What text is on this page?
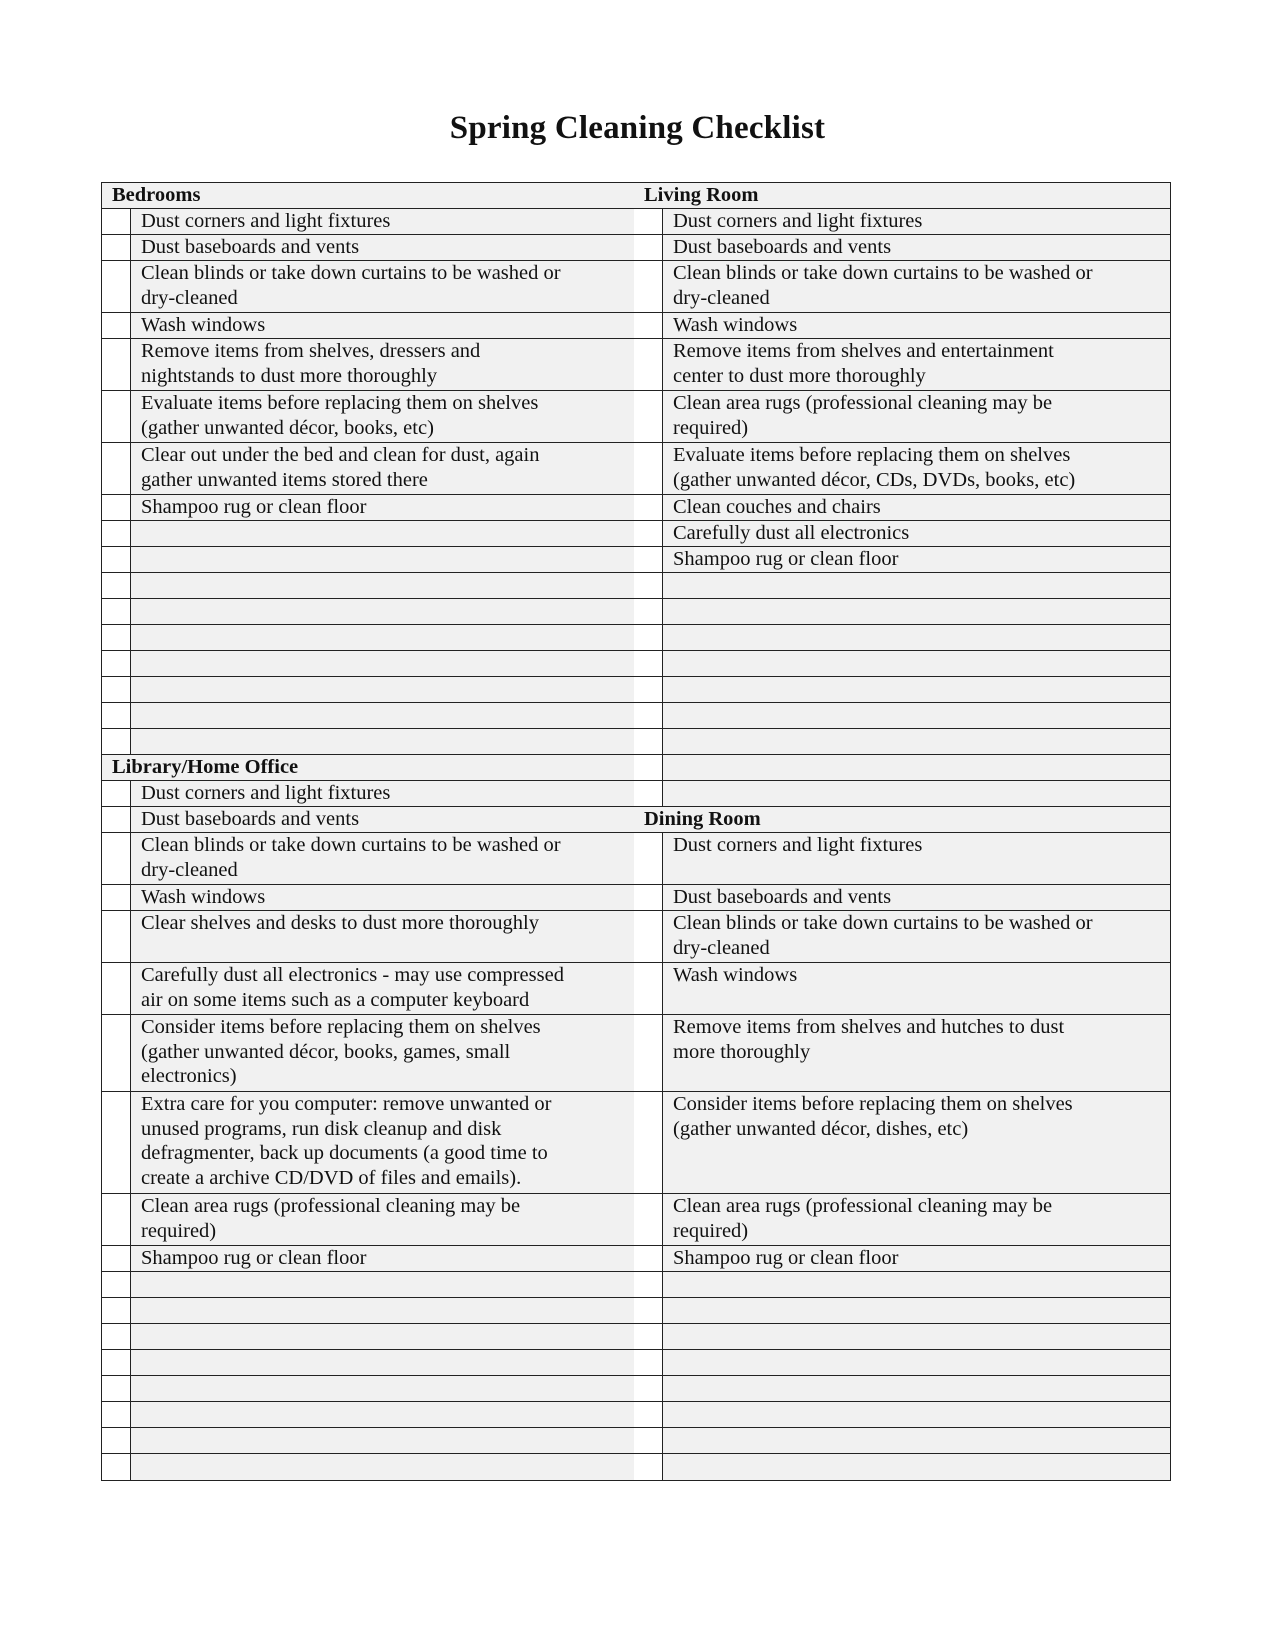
Spring Cleaning Checklist
Bedrooms
Dust corners and light fixtures
Dust baseboards and vents
Clean blinds or take down curtains to be washed or
dry-cleaned
Wash windows
Remove items from shelves, dressers and
nightstands to dust more thoroughly
Evaluate items before replacing them on shelves
(gather unwanted décor, books, etc)
Clear out under the bed and clean for dust, again
gather unwanted items stored there
Shampoo rug or clean floor
Library/Home Office
Dust corners and light fixtures
Dust baseboards and vents
Clean blinds or take down curtains to be washed or
dry-cleaned
Wash windows
Clear shelves and desks to dust more thoroughly
Carefully dust all electronics - may use compressed
air on some items such as a computer keyboard
Consider items before replacing them on shelves
(gather unwanted décor, books, games, small
electronics)
Extra care for you computer: remove unwanted or
unused programs, run disk cleanup and disk
defragmenter, back up documents (a good time to
create a archive CD/DVD of files and emails).
Clean area rugs (professional cleaning may be
required)
Shampoo rug or clean floor
Living Room
Dust corners and light fixtures
Dust baseboards and vents
Clean blinds or take down curtains to be washed or
dry-cleaned
Wash windows
Remove items from shelves and entertainment
center to dust more thoroughly
Clean area rugs (professional cleaning may be
required)
Evaluate items before replacing them on shelves
(gather unwanted décor, CDs, DVDs, books, etc)
Clean couches and chairs
Carefully dust all electronics
Shampoo rug or clean floor
Dining Room
Dust corners and light fixtures
Dust baseboards and vents
Clean blinds or take down curtains to be washed or
dry-cleaned
Wash windows
Remove items from shelves and hutches to dust
more thoroughly
Consider items before replacing them on shelves
(gather unwanted décor, dishes, etc)
Clean area rugs (professional cleaning may be
required)
Shampoo rug or clean floor
